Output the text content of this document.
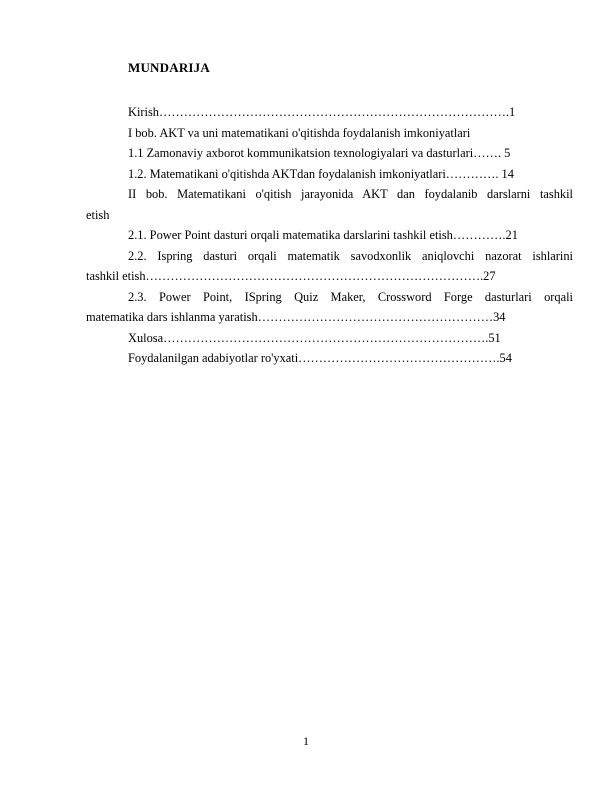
MUNDARIJA
Kirish………………………………………………………………………….1
I bob. AKT va uni matematikani o'qitishda foydalanish imkoniyatlari
1.1 Zamonaviy axborot kommunikatsion texnologiyalari va dasturlari……. 5
1.2. Matematikani o'qitishda AKTdan foydalanish imkoniyatlari…………. 14
II bob. Matematikani o'qitish jarayonida AKT dan foydalanib darslarni tashkil
etish
2.1. Power Point dasturi orqali matematika darslarini tashkil etish………….21
2.2. Ispring dasturi orqali matematik savodxonlik aniqlovchi nazorat ishlarini
tashkil etish……………………………………………………………………….27
2.3. Power Point, ISpring Quiz Maker, Crossword Forge dasturlari orqali
matematika dars ishlanma yaratish…………………………………………………34
Xulosa…………………………………………………………………….51
Foydalanilgan adabiyotlar ro'yxati………………………………………….54
1
